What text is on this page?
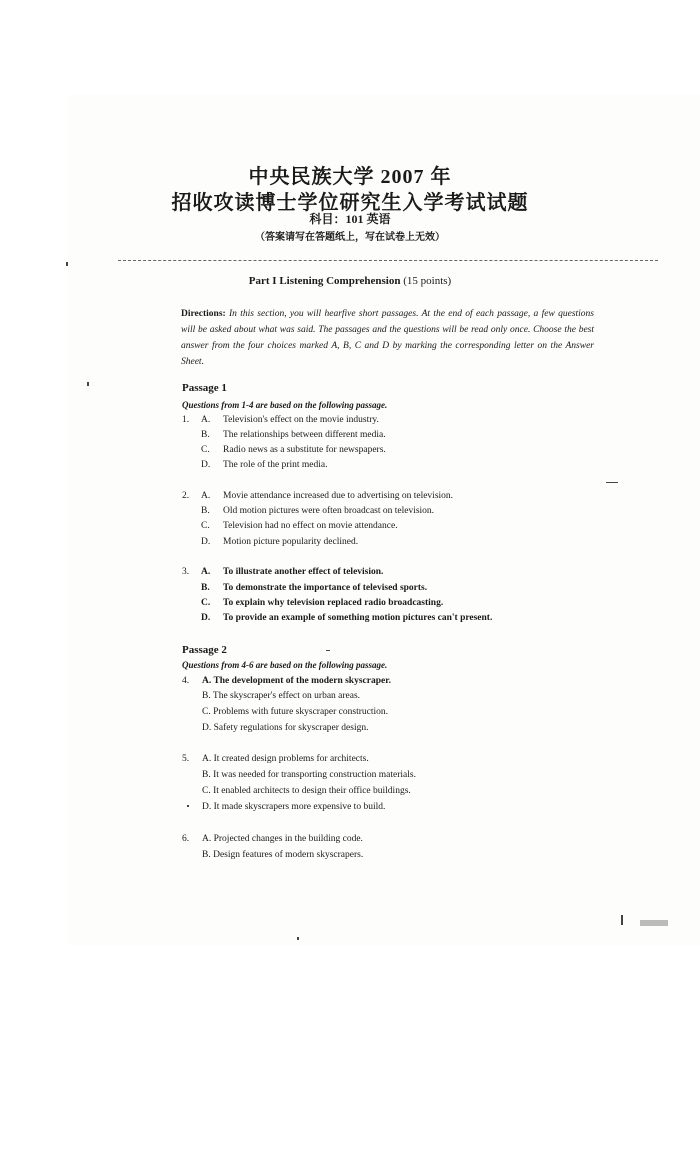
中央民族大学 2007 年
招收攻读博士学位研究生入学考试试题
科目：101 英语
（答案请写在答题纸上，写在试卷上无效）
Part I Listening Comprehension (15 points)
Directions: In this section, you will hearfive short passages. At the end of each passage, a few questions will be asked about what was said. The passages and the questions will be read only once. Choose the best answer from the four choices marked A, B, C and D by marking the corresponding letter on the Answer Sheet.
Passage 1
Questions from 1-4 are based on the following passage.
1. A. Television's effect on the movie industry.
B. The relationships between different media.
C. Radio news as a substitute for newspapers.
D. The role of the print media.
2. A. Movie attendance increased due to advertising on television.
B. Old motion pictures were often broadcast on television.
C. Television had no effect on movie attendance.
D. Motion picture popularity declined.
3. A. To illustrate another effect of television.
B. To demonstrate the importance of televised sports.
C. To explain why television replaced radio broadcasting.
D. To provide an example of something motion pictures can't present.
Passage 2
Questions from 4-6 are based on the following passage.
4. A. The development of the modern skyscraper.
B. The skyscraper's effect on urban areas.
C. Problems with future skyscraper construction.
D. Safety regulations for skyscraper design.
5. A. It created design problems for architects.
B. It was needed for transporting construction materials.
C. It enabled architects to design their office buildings.
D. It made skyscrapers more expensive to build.
6. A. Projected changes in the building code.
B. Design features of modern skyscrapers.
